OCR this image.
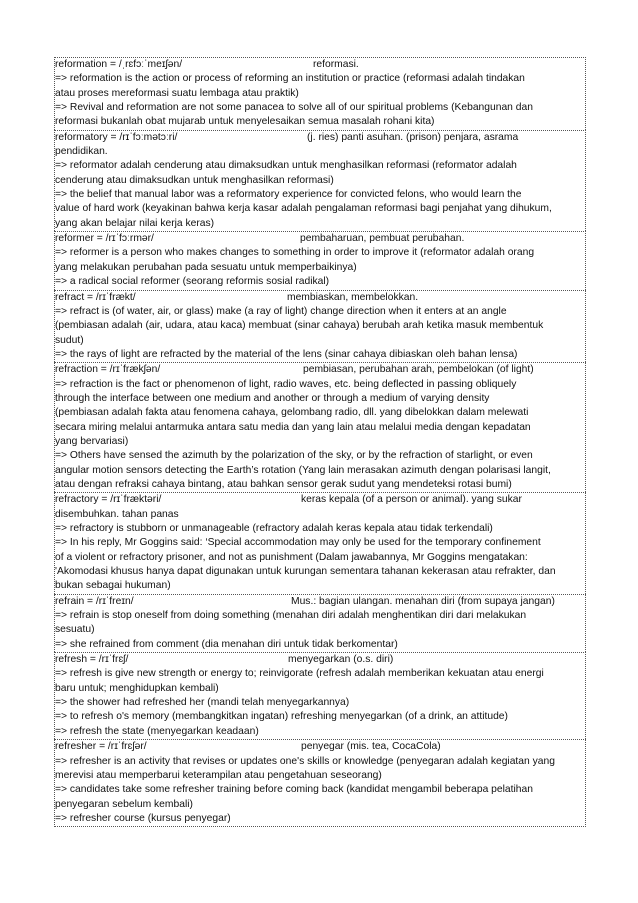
reformation = /ˌrɛfɔːˈmeɪʃən/	reformasi.
=> reformation is the action or process of reforming an institution or practice (reformasi adalah tindakan
atau proses mereformasi suatu lembaga atau praktik)
=> Revival and reformation are not some panacea to solve all of our spiritual problems (Kebangunan dan
reformasi bukanlah obat mujarab untuk menyelesaikan semua masalah rohani kita)
reformatory = /rɪˈfɔːmətɔːri/	(j. ries) panti asuhan. (prison) penjara, asrama
pendidikan.
=> reformator adalah cenderung atau dimaksudkan untuk menghasilkan reformasi (reformator adalah
cenderung atau dimaksudkan untuk menghasilkan reformasi)
=> the belief that manual labor was a reformatory experience for convicted felons, who would learn the
value of hard work (keyakinan bahwa kerja kasar adalah pengalaman reformasi bagi penjahat yang dihukum,
yang akan belajar nilai kerja keras)
reformer = /rɪˈfɔːrmər/	pembaharuan, pembuat perubahan.
=> reformer is a person who makes changes to something in order to improve it (reformator adalah orang
yang melakukan perubahan pada sesuatu untuk memperbaikinya)
=> a radical social reformer (seorang reformis sosial radikal)
refract = /rɪˈfrækt/	membiaskan, membelokkan.
=> refract is (of water, air, or glass) make (a ray of light) change direction when it enters at an angle
(pembiasan adalah (air, udara, atau kaca) membuat (sinar cahaya) berubah arah ketika masuk membentuk
sudut)
=> the rays of light are refracted by the material of the lens (sinar cahaya dibiaskan oleh bahan lensa)
refraction = /rɪˈfrækʃən/	pembiasan, perubahan arah, pembelokan (of light)
=> refraction is the fact or phenomenon of light, radio waves, etc. being deflected in passing obliquely
through the interface between one medium and another or through a medium of varying density
(pembiasan adalah fakta atau fenomena cahaya, gelombang radio, dll. yang dibelokkan dalam melewati
secara miring melalui antarmuka antara satu media dan yang lain atau melalui media dengan kepadatan
yang bervariasi)
=> Others have sensed the azimuth by the polarization of the sky, or by the refraction of starlight, or even
angular motion sensors detecting the Earth’s rotation (Yang lain merasakan azimuth dengan polarisasi langit,
atau dengan refraksi cahaya bintang, atau bahkan sensor gerak sudut yang mendeteksi rotasi bumi)
refractory = /rɪˈfræktəri/	keras kepala (of a person or animal). yang sukar
disembuhkan. tahan panas
=> refractory is stubborn or unmanageable (refractory adalah keras kepala atau tidak terkendali)
=> In his reply, Mr Goggins said: ‘Special accommodation may only be used for the temporary confinement
of a violent or refractory prisoner, and not as punishment (Dalam jawabannya, Mr Goggins mengatakan:
'Akomodasi khusus hanya dapat digunakan untuk kurungan sementara tahanan kekerasan atau refrakter, dan
bukan sebagai hukuman)
refrain = /rɪˈfreɪn/	Mus.: bagian ulangan. menahan diri (from supaya jangan)
=> refrain is stop oneself from doing something (menahan diri adalah menghentikan diri dari melakukan
sesuatu)
=> she refrained from comment (dia menahan diri untuk tidak berkomentar)
refresh = /rɪˈfrɛʃ/	menyegarkan (o.s. diri)
=> refresh is give new strength or energy to; reinvigorate (refresh adalah memberikan kekuatan atau energi
baru untuk; menghidupkan kembali)
=> the shower had refreshed her (mandi telah menyegarkannya)
=> to refresh o's memory (membangkitkan ingatan) refreshing menyegarkan (of a drink, an attitude)
=> refresh the state (menyegarkan keadaan)
refresher = /rɪˈfrɛʃər/	penyegar (mis. tea, CocaCola)
=> refresher is an activity that revises or updates one's skills or knowledge (penyegaran adalah kegiatan yang
merevisi atau memperbarui keterampilan atau pengetahuan seseorang)
=> candidates take some refresher training before coming back (kandidat mengambil beberapa pelatihan
penyegaran sebelum kembali)
=> refresher course (kursus penyegar)
